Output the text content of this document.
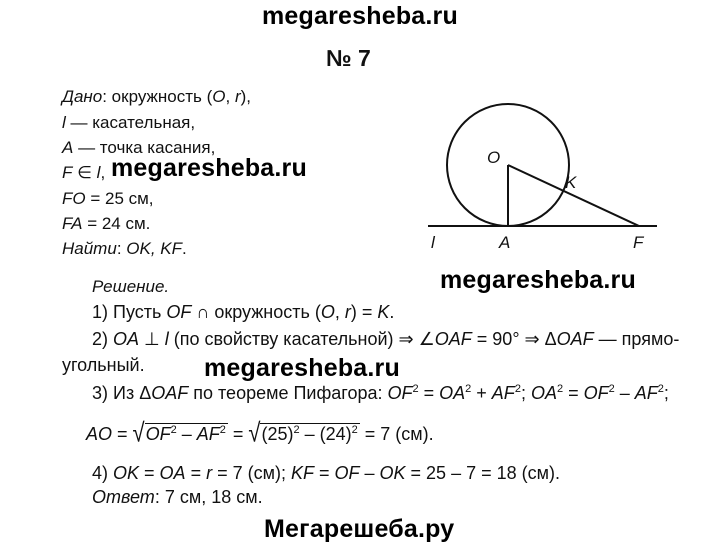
megaresheba.ru
megaresheba.ru
megaresheba.ru
megaresheba.ru
Мегарешеба.ру
№ 7
Дано: окружность (O, r),
l — касательная,
A — точка касания,
F ∈ l,
FO = 25 см,
FA = 24 см.
Найти: OK, KF.
O
K
l	A	F
Решение.
1) Пусть OF ∩ окружность (O, r) = K.
2) OA ⊥ l (по свойству касательной) ⇒ ∠OAF = 90° ⇒ ΔOAF — прямо-
угольный.
3) Из ΔOAF по теореме Пифагора: $OF^2 = OA^2 + AF^2$; $OA^2 = OF^2 - AF^2$;
AO = $√OF^2 - AF^2 = √(25)^2 - (24)^2 = 7$ (см).
4) OK = OA = r = 7 (см); KF = OF – OK = 25 – 7 = 18 (см).
Ответ: 7 см, 18 см.
